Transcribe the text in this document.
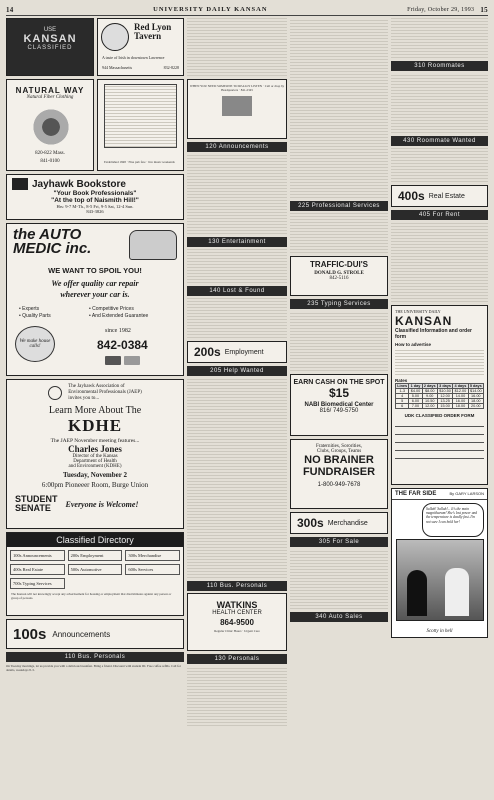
14	UNIVERSITY DAILY KANSAN	Friday, October 29, 1993 15
USE
KANSAN
CLASSIFIED
Red Lyon Tavern
A taste of Irish in downtown Lawrence
944 Massachusetts	832-8228
NATURAL WAY
Natural Fiber Clothing
820-822 Mass.
841-0100	Established 1848 · Fine pub fare · live music weekends
Jayhawk Bookstore
"Your Book Professionals"
"At the top of Naismith Hill!"
Hrs: 9-7 M-Th., 8-5 Fri, 9-5 Sat, 12-4 Sun.
843-3826
the AUTO MEDIC inc.
WE WANT TO SPOIL YOU!
We offer quality car repair
wherever your car is.
• Experts
• Quality Parts
• Competitive Prices
• And Extended Guarantee
We make house calls!
since 1982
842-0384
The Jayhawk Association of
Environmental Professionals (JAEP)
invites you to...
Learn More About The
KDHE
The JAEP November meeting features...
Charles Jones
Director of the Kansas
Department of Health
and Environment (KDHE)
Tuesday, November 2
6:00pm Pioneeer Room, Burge Union
STUDENT
SENATE	Everyone is Welcome!
Classified Directory
100s Announcements	200s Employment	300s Merchandise
400s Real Estate	500s Automotive	600s Services
700s Typing Services
The Kansan will not knowingly accept any advertisement for housing or employment that discriminates against any person or group of persons.
100s Announcements
110 Bus. Personals
On Tuesday mornings, let us provide you with a delicious breakfast. Bring a friend. Discount with student ID. Free coffee refills. Call for details, weekdays 8–5.
WHEN YOU NEED SOMEONE TO REALLY LISTEN · Call or drop by Headquarters · 841-2345
120 Announcements
130 Entertainment
140 Lost & Found
200s Employment
205 Help Wanted
110 Bus. Personals
WATKINS
HEALTH CENTER
864-9500
Regular Clinic Hours · Urgent Care
130 Personals
225 Professional Services
TRAFFIC-DUI'S
DONALD G. STROLE
842-5116
235 Typing Services
EARN CASH ON THE SPOT
$15
NABI Biomedical Center
816/ 749-5750
Fraternities, Sororities,
Clubs, Groups, Teams
NO BRAINER
FUNDRAISER
1-800-949-7678
300s Merchandise
305 For Sale
340 Auto Sales
310 Roommates
430 Roommate Wanted
400s Real Estate
405 For Rent
THE UNIVERSITY DAILY
KANSAN
Classified Information and order form
How to advertise
Rates
Lines	1 day	2 days	3 days	4 days	5 days
1-3	$4.00	$8.00	$10.50	$12.00	$14.00
4	5.00	9.00	12.00	14.00	16.00
5	6.00	10.50	13.25	16.00	18.00
6	7.00	12.00	15.00	18.00	20.00
UDK CLASSIFIED ORDER FORM
THE FAR SIDE	By GARY LARSON
Sallah! Sallah!... It's the main magnitharum! She's lost power and the temperature is deadly fast..I'm not sure I can hold her!
Scotty in hell
